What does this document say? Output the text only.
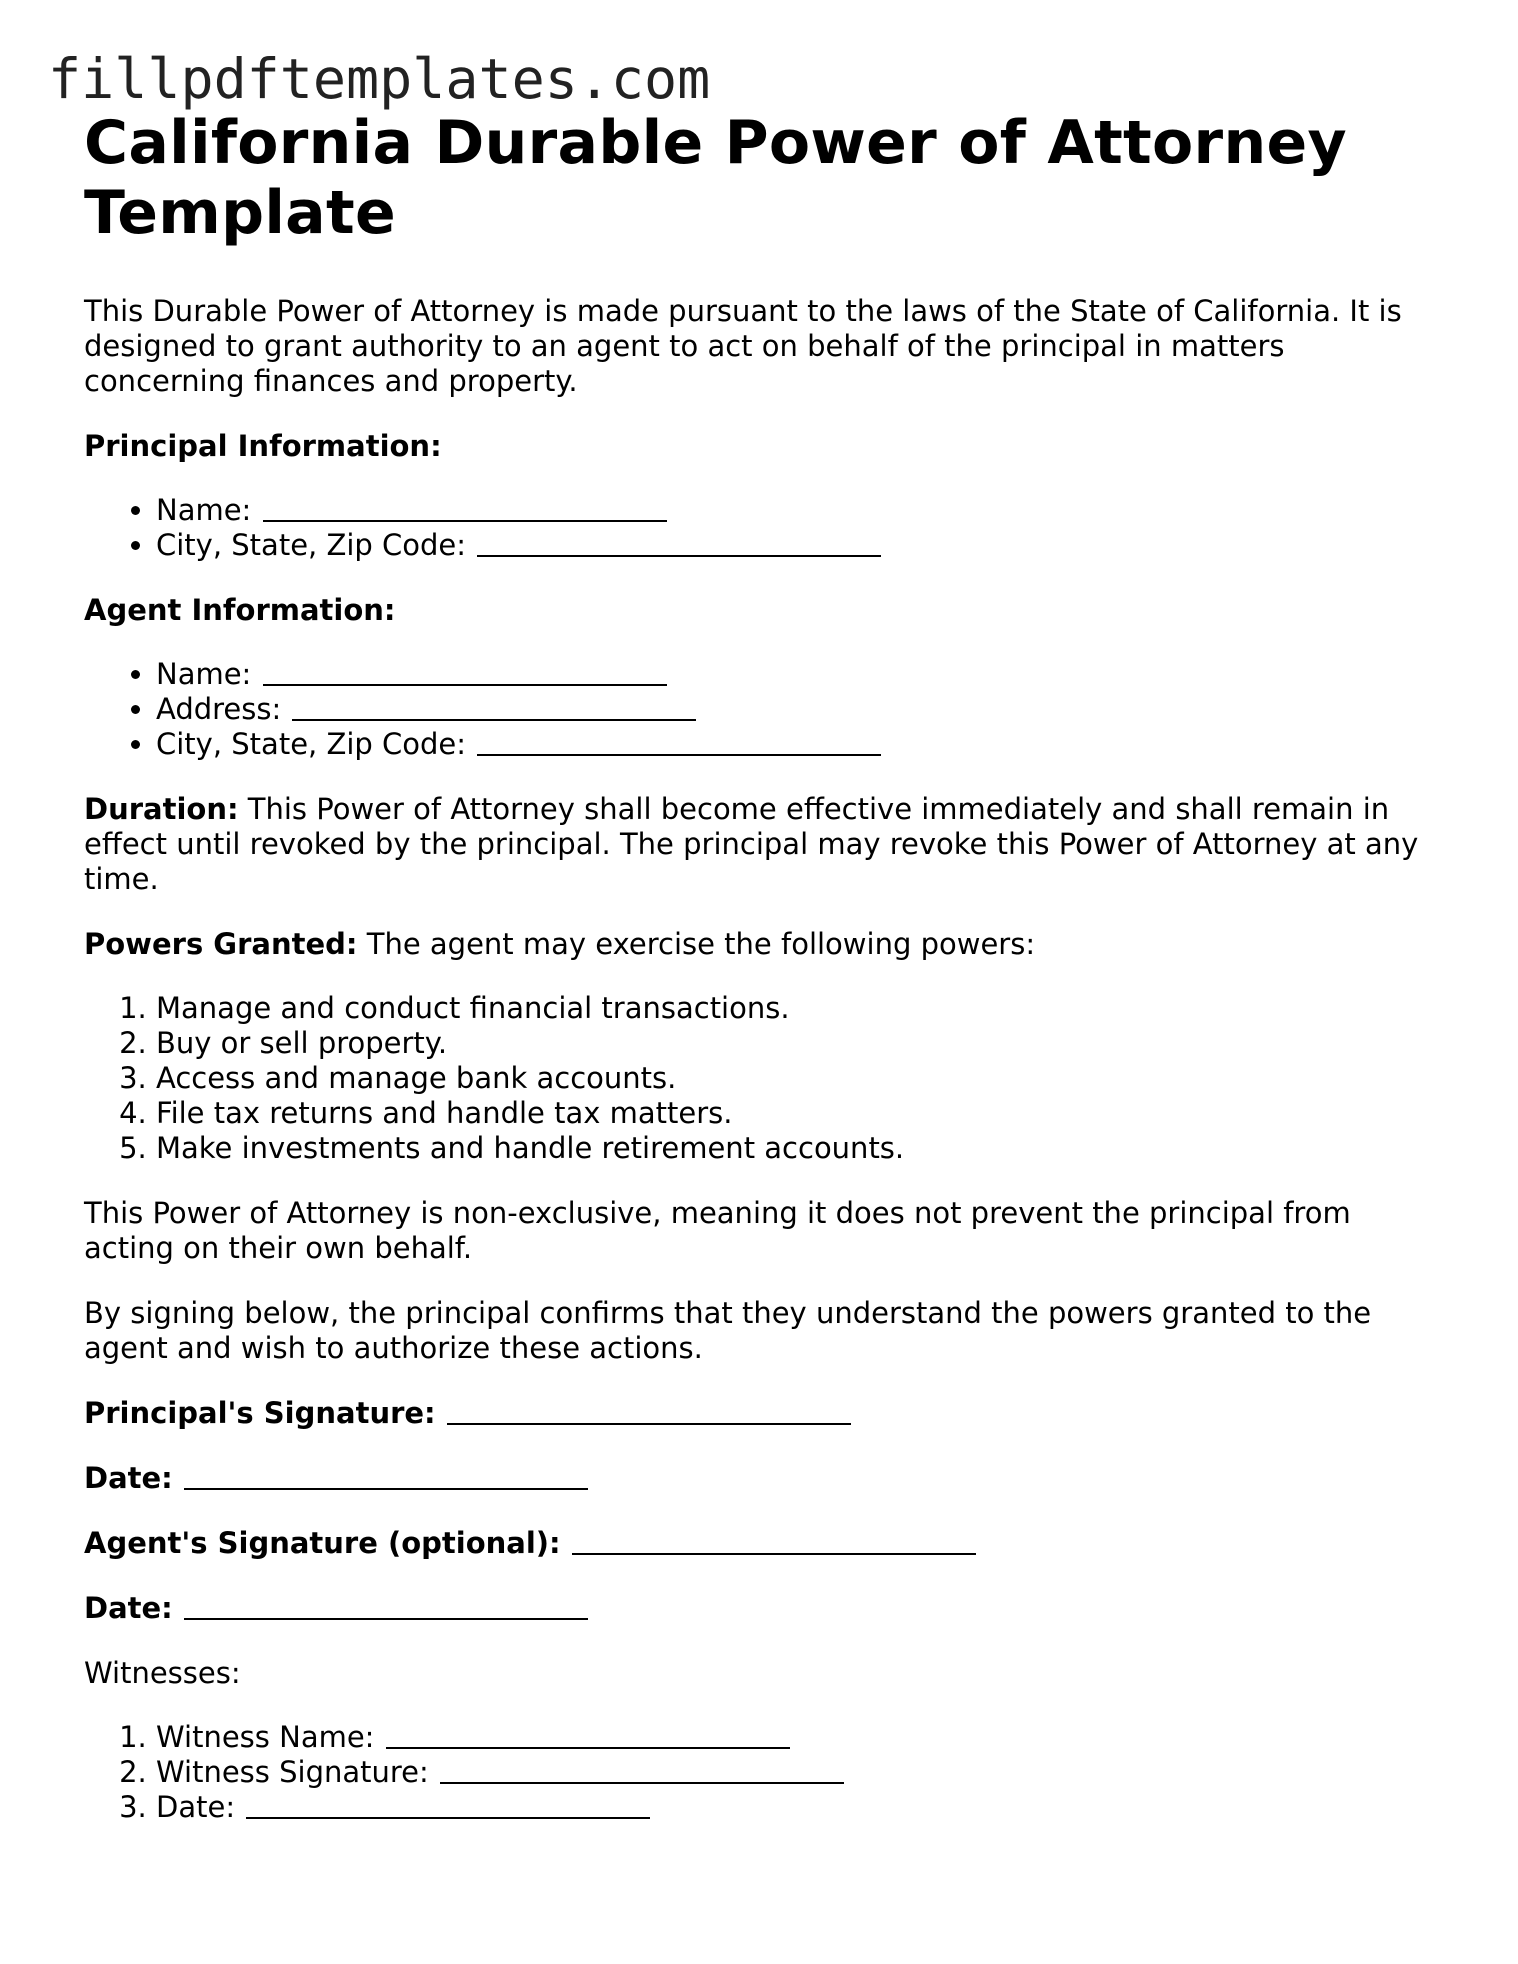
fillpdftemplates.com
California Durable Power of Attorney Template

This Durable Power of Attorney is made pursuant to the laws of the State of California. It is designed to grant authority to an agent to act on behalf of the principal in matters concerning finances and property.

Principal Information:

• Name:
• City, State, Zip Code:

Agent Information:

• Name:
• Address:
• City, State, Zip Code:

Duration: This Power of Attorney shall become effective immediately and shall remain in effect until revoked by the principal. The principal may revoke this Power of Attorney at any time.

Powers Granted: The agent may exercise the following powers:

1. Manage and conduct financial transactions.
2. Buy or sell property.
3. Access and manage bank accounts.
4. File tax returns and handle tax matters.
5. Make investments and handle retirement accounts.

This Power of Attorney is non-exclusive, meaning it does not prevent the principal from acting on their own behalf.

By signing below, the principal confirms that they understand the powers granted to the agent and wish to authorize these actions.

Principal's Signature:

Date:

Agent's Signature (optional):

Date:

Witnesses:

1. Witness Name:
2. Witness Signature:
3. Date:
